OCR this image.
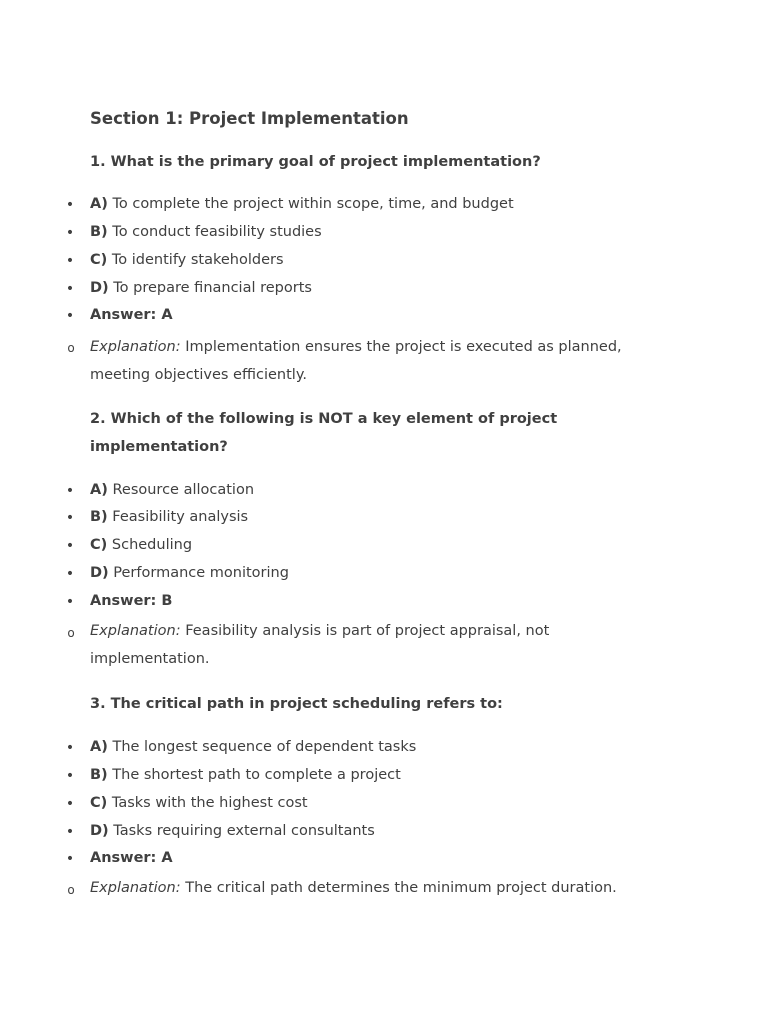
Section 1: Project Implementation

1. What is the primary goal of project implementation?

• A) To complete the project within scope, time, and budget
• B) To conduct feasibility studies
• C) To identify stakeholders
• D) To prepare financial reports
• Answer: A
o Explanation: Implementation ensures the project is executed as planned, meeting objectives efficiently.

2. Which of the following is NOT a key element of project implementation?

• A) Resource allocation
• B) Feasibility analysis
• C) Scheduling
• D) Performance monitoring
• Answer: B
o Explanation: Feasibility analysis is part of project appraisal, not implementation.

3. The critical path in project scheduling refers to:

• A) The longest sequence of dependent tasks
• B) The shortest path to complete a project
• C) Tasks with the highest cost
• D) Tasks requiring external consultants
• Answer: A
o Explanation: The critical path determines the minimum project duration.
